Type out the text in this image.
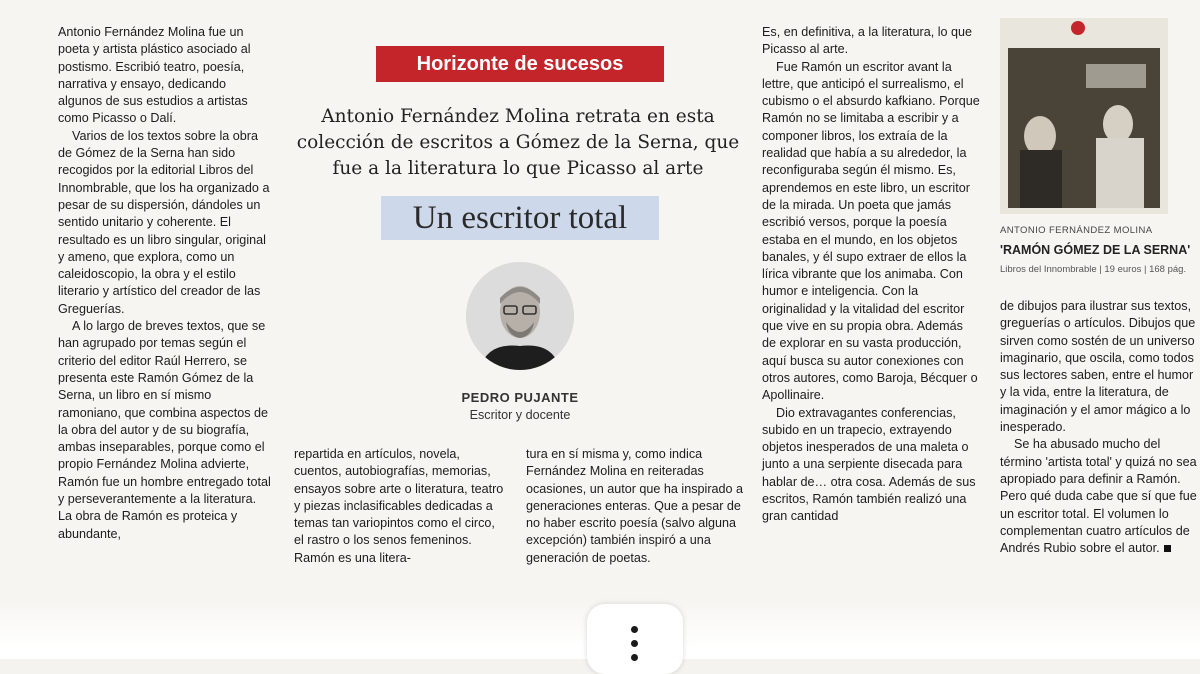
Antonio Fernández Molina fue un poeta y artista plástico asociado al postismo. Escribió teatro, poesía, narrativa y ensayo, dedicando algunos de sus estudios a artistas como Picasso o Dalí.

Varios de los textos sobre la obra de Gómez de la Serna han sido recogidos por la editorial Libros del Innombrable, que los ha organizado a pesar de su dispersión, dándoles un sentido unitario y coherente. El resultado es un libro singular, original y ameno, que explora, como un caleidoscopio, la obra y el estilo literario y artístico del creador de las Greguerías.

A lo largo de breves textos, que se han agrupado por temas según el criterio del editor Raúl Herrero, se presenta este Ramón Gómez de la Serna, un libro en sí mismo ramoniano, que combina aspectos de la obra del autor y de su biografía, ambas inseparables, porque como el propio Fernández Molina advierte, Ramón fue un hombre entregado total y perseverantemente a la literatura. La obra de Ramón es proteica y abundante,

Horizonte de sucesos
Antonio Fernández Molina retrata en esta colección de escritos a Gómez de la Serna, que fue a la literatura lo que Picasso al arte
Un escritor total
PEDRO PUJANTE
Escritor y docente

repartida en artículos, novela, cuentos, autobiografías, memorias, ensayos sobre arte o literatura, teatro y piezas inclasificables dedicadas a temas tan variopintos como el circo, el rastro o los senos femeninos. Ramón es una litera-

tura en sí misma y, como indica Fernández Molina en reiteradas ocasiones, un autor que ha inspirado a generaciones enteras. Que a pesar de no haber escrito poesía (salvo alguna excepción) también inspiró a una generación de poetas.

Es, en definitiva, a la literatura, lo que Picasso al arte.

Fue Ramón un escritor avant la lettre, que anticipó el surrealismo, el cubismo o el absurdo kafkiano. Porque Ramón no se limitaba a escribir y a componer libros, los extraía de la realidad que había a su alrededor, la reconfiguraba según él mismo. Es, aprendemos en este libro, un escritor de la mirada. Un poeta que jamás escribió versos, porque la poesía estaba en el mundo, en los objetos banales, y él supo extraer de ellos la lírica vibrante que los animaba. Con humor e inteligencia. Con la originalidad y la vitalidad del escritor que vive en su propia obra. Además de explorar en su vasta producción, aquí busca su autor conexiones con otros autores, como Baroja, Bécquer o Apollinaire.

Dio extravagantes conferencias, subido en un trapecio, extrayendo objetos inesperados de una maleta o junto a una serpiente disecada para hablar de… otra cosa. Además de sus escritos, Ramón también realizó una gran cantidad

ANTONIO FERNÁNDEZ MOLINA
'RAMÓN GÓMEZ DE LA SERNA'
Libros del Innombrable | 19 euros | 168 pág.

de dibujos para ilustrar sus textos, greguerías o artículos. Dibujos que sirven como sostén de un universo imaginario, que oscila, como todos sus lectores saben, entre el humor y la vida, entre la literatura, de imaginación y el amor mágico a lo inesperado.

Se ha abusado mucho del término 'artista total' y quizá no sea apropiado para definir a Ramón. Pero qué duda cabe que sí que fue un escritor total. El volumen lo complementan cuatro artículos de Andrés Rubio sobre el autor.
